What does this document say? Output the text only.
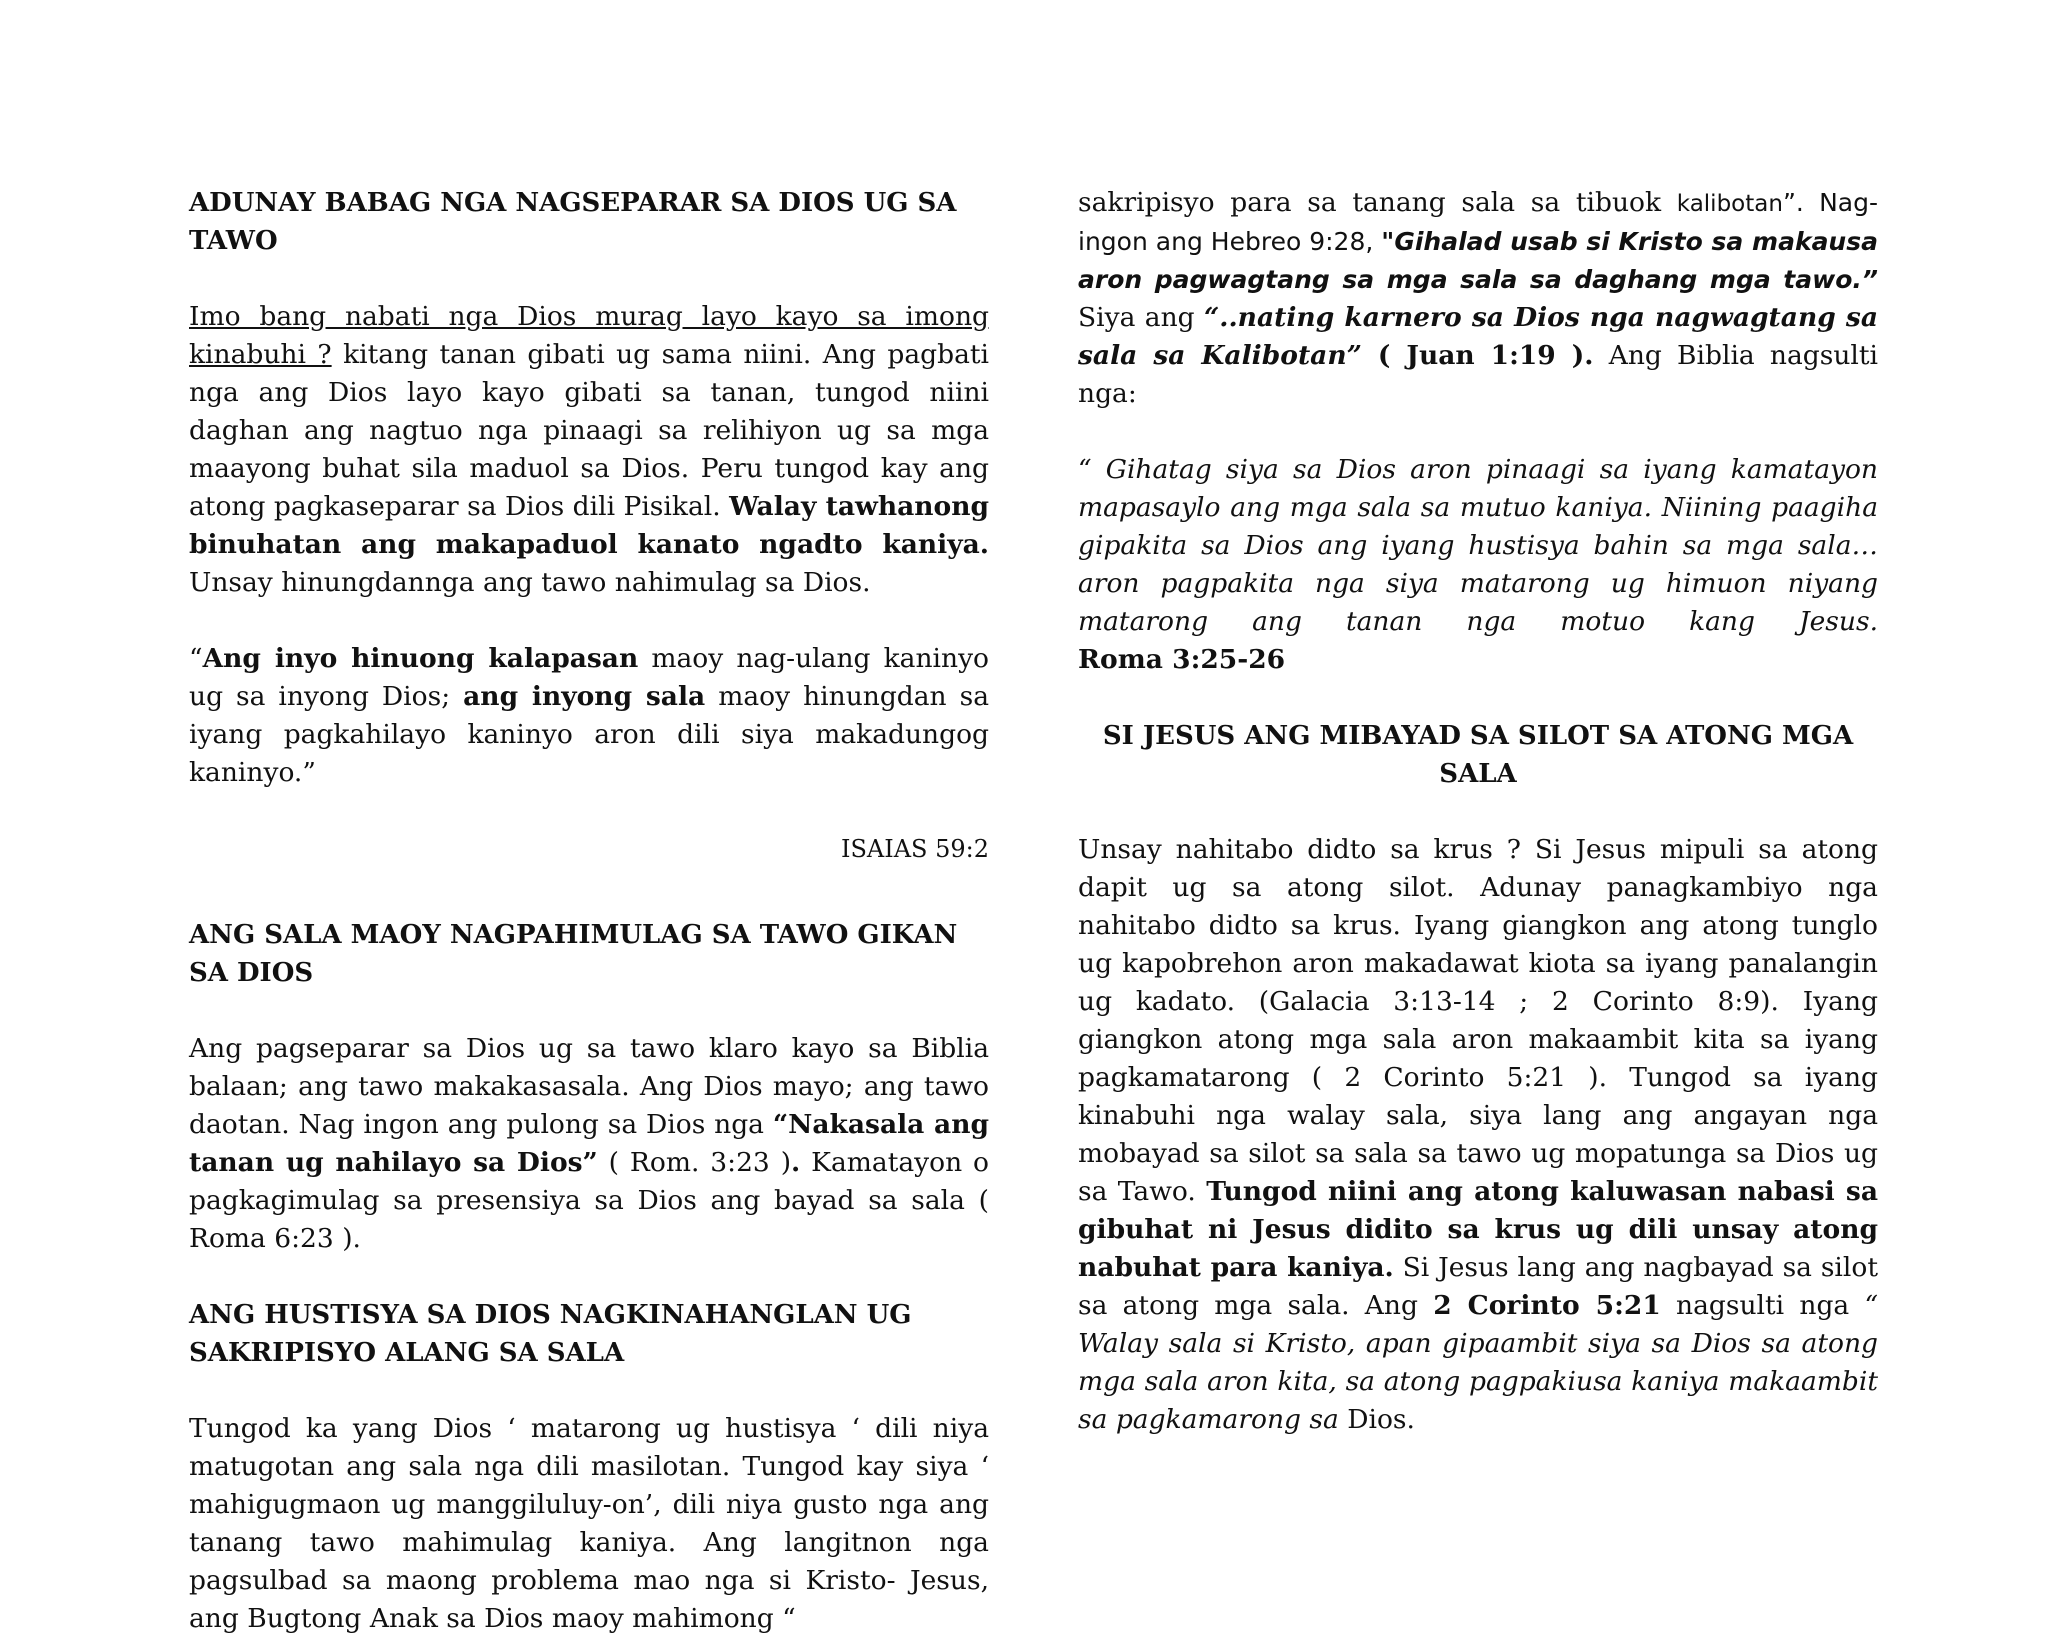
ADUNAY BABAG NGA NAGSEPARAR SA DIOS UG SA TAWO

Imo bang nabati nga Dios murag layo kayo sa imong kinabuhi ? kitang tanan gibati ug sama niini. Ang pagbati nga ang Dios layo kayo gibati sa tanan, tungod niini daghan ang nagtuo nga pinaagi sa relihiyon ug sa mga maayong buhat sila maduol sa Dios. Peru tungod kay ang atong pagkaseparar sa Dios dili Pisikal. Walay tawhanong binuhatan ang makapaduol kanato ngadto kaniya. Unsay hinungdannga ang tawo nahimulag sa Dios.

“Ang inyo hinuong kalapasan maoy nag-ulang kaninyo ug sa inyong Dios; ang inyong sala maoy hinungdan sa iyang pagkahilayo kaninyo aron dili siya makadungog kaninyo.”

ISAIAS 59:2

ANG SALA MAOY NAGPAHIMULAG SA TAWO GIKAN SA DIOS

Ang pagseparar sa Dios ug sa tawo klaro kayo sa Biblia balaan; ang tawo makakasasala. Ang Dios mayo; ang tawo daotan. Nag ingon ang pulong sa Dios nga “Nakasala ang tanan ug nahilayo sa Dios” ( Rom. 3:23 ). Kamatayon o pagkagimulag sa presensiya sa Dios ang bayad sa sala ( Roma 6:23 ).

ANG HUSTISYA SA DIOS NAGKINAHANGLAN UG SAKRIPISYO ALANG SA SALA

Tungod ka yang Dios ‘ matarong ug hustisya ‘ dili niya matugotan ang sala nga dili masilotan. Tungod kay siya ‘ mahigugmaon ug manggiluluy-on’, dili niya gusto nga ang tanang tawo mahimulag kaniya. Ang langitnon nga pagsulbad sa maong problema mao nga si Kristo- Jesus, ang Bugtong Anak sa Dios maoy mahimong “

sakripisyo para sa tanang sala sa tibuok kalibotan”. Nag-ingon ang Hebreo 9:28, "Gihalad usab si Kristo sa makausa aron pagwagtang sa mga sala sa daghang mga tawo.” Siya ang “..nating karnero sa Dios nga nagwagtang sa sala sa Kalibotan” ( Juan 1:19 ). Ang Biblia nagsulti nga:

“ Gihatag siya sa Dios aron pinaagi sa iyang kamatayon mapasaylo ang mga sala sa mutuo kaniya. Niining paagiha gipakita sa Dios ang iyang hustisya bahin sa mga sala… aron pagpakita nga siya matarong ug himuon niyang matarong ang tanan nga motuo kang Jesus.

Roma 3:25-26

SI JESUS ANG MIBAYAD SA SILOT SA ATONG MGA SALA

Unsay nahitabo didto sa krus ? Si Jesus mipuli sa atong dapit ug sa atong silot. Adunay panagkambiyo nga nahitabo didto sa krus. Iyang giangkon ang atong tunglo ug kapobrehon aron makadawat kiota sa iyang panalangin ug kadato. (Galacia 3:13-14 ; 2 Corinto 8:9). Iyang giangkon atong mga sala aron makaambit kita sa iyang pagkamatarong ( 2 Corinto 5:21 ). Tungod sa iyang kinabuhi nga walay sala, siya lang ang angayan nga mobayad sa silot sa sala sa tawo ug mopatunga sa Dios ug sa Tawo. Tungod niini ang atong kaluwasan nabasi sa gibuhat ni Jesus didito sa krus ug dili unsay atong nabuhat para kaniya. Si Jesus lang ang nagbayad sa silot sa atong mga sala. Ang 2 Corinto 5:21 nagsulti nga “ Walay sala si Kristo, apan gipaambit siya sa Dios sa atong mga sala aron kita, sa atong pagpakiusa kaniya makaambit sa pagkamarong sa Dios.
